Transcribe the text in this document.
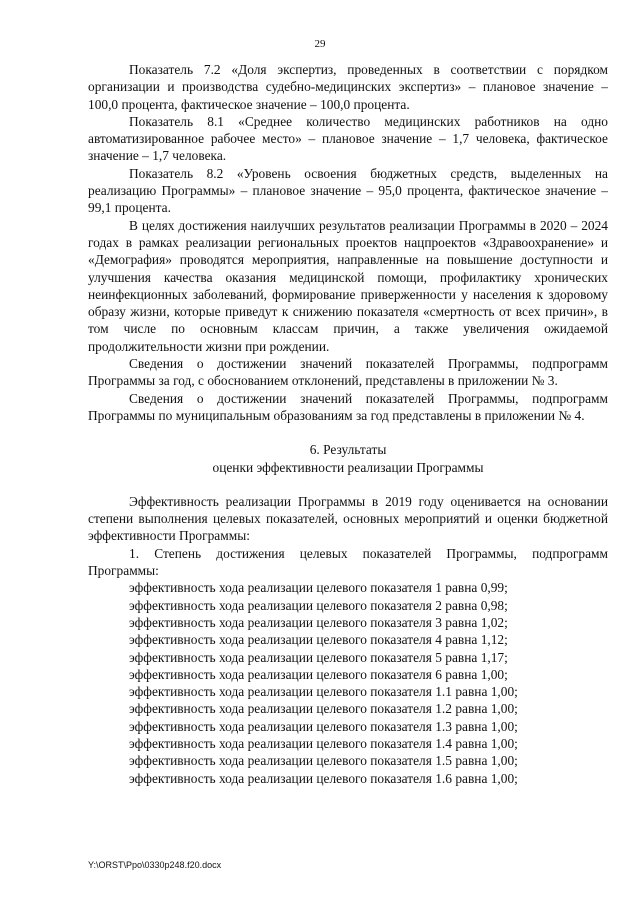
29

Показатель 7.2 «Доля экспертиз, проведенных в соответствии с порядком организации и производства судебно-медицинских экспертиз» – плановое значение – 100,0 процента, фактическое значение – 100,0 процента.

Показатель 8.1 «Среднее количество медицинских работников на одно автоматизированное рабочее место» – плановое значение – 1,7 человека, фактическое значение – 1,7 человека.

Показатель 8.2 «Уровень освоения бюджетных средств, выделенных на реализацию Программы» – плановое значение – 95,0 процента, фактическое значение – 99,1 процента.

В целях достижения наилучших результатов реализации Программы в 2020 – 2024 годах в рамках реализации региональных проектов нацпроектов «Здравоохранение» и «Демография» проводятся мероприятия, направленные на повышение доступности и улучшения качества оказания медицинской помощи, профилактику хронических неинфекционных заболеваний, формирование приверженности у населения к здоровому образу жизни, которые приведут к снижению показателя «смертность от всех причин», в том числе по основным классам причин, а также увеличения ожидаемой продолжительности жизни при рождении.

Сведения о достижении значений показателей Программы, подпрограмм Программы за год, с обоснованием отклонений, представлены в приложении № 3.

Сведения о достижении значений показателей Программы, подпрограмм Программы по муниципальным образованиям за год представлены в приложении № 4.

6. Результаты

оценки эффективности реализации Программы

Эффективность реализации Программы в 2019 году оценивается на основании степени выполнения целевых показателей, основных мероприятий и оценки бюджетной эффективности Программы:

1. Степень достижения целевых показателей Программы, подпрограмм Программы:

эффективность хода реализации целевого показателя 1 равна 0,99;
эффективность хода реализации целевого показателя 2 равна 0,98;
эффективность хода реализации целевого показателя 3 равна 1,02;
эффективность хода реализации целевого показателя 4 равна 1,12;
эффективность хода реализации целевого показателя 5 равна 1,17;
эффективность хода реализации целевого показателя 6 равна 1,00;
эффективность хода реализации целевого показателя 1.1 равна 1,00;
эффективность хода реализации целевого показателя 1.2 равна 1,00;
эффективность хода реализации целевого показателя 1.3 равна 1,00;
эффективность хода реализации целевого показателя 1.4 равна 1,00;
эффективность хода реализации целевого показателя 1.5 равна 1,00;
эффективность хода реализации целевого показателя 1.6 равна 1,00;
Y:\ORST\Ppo\0330p248.f20.docx
